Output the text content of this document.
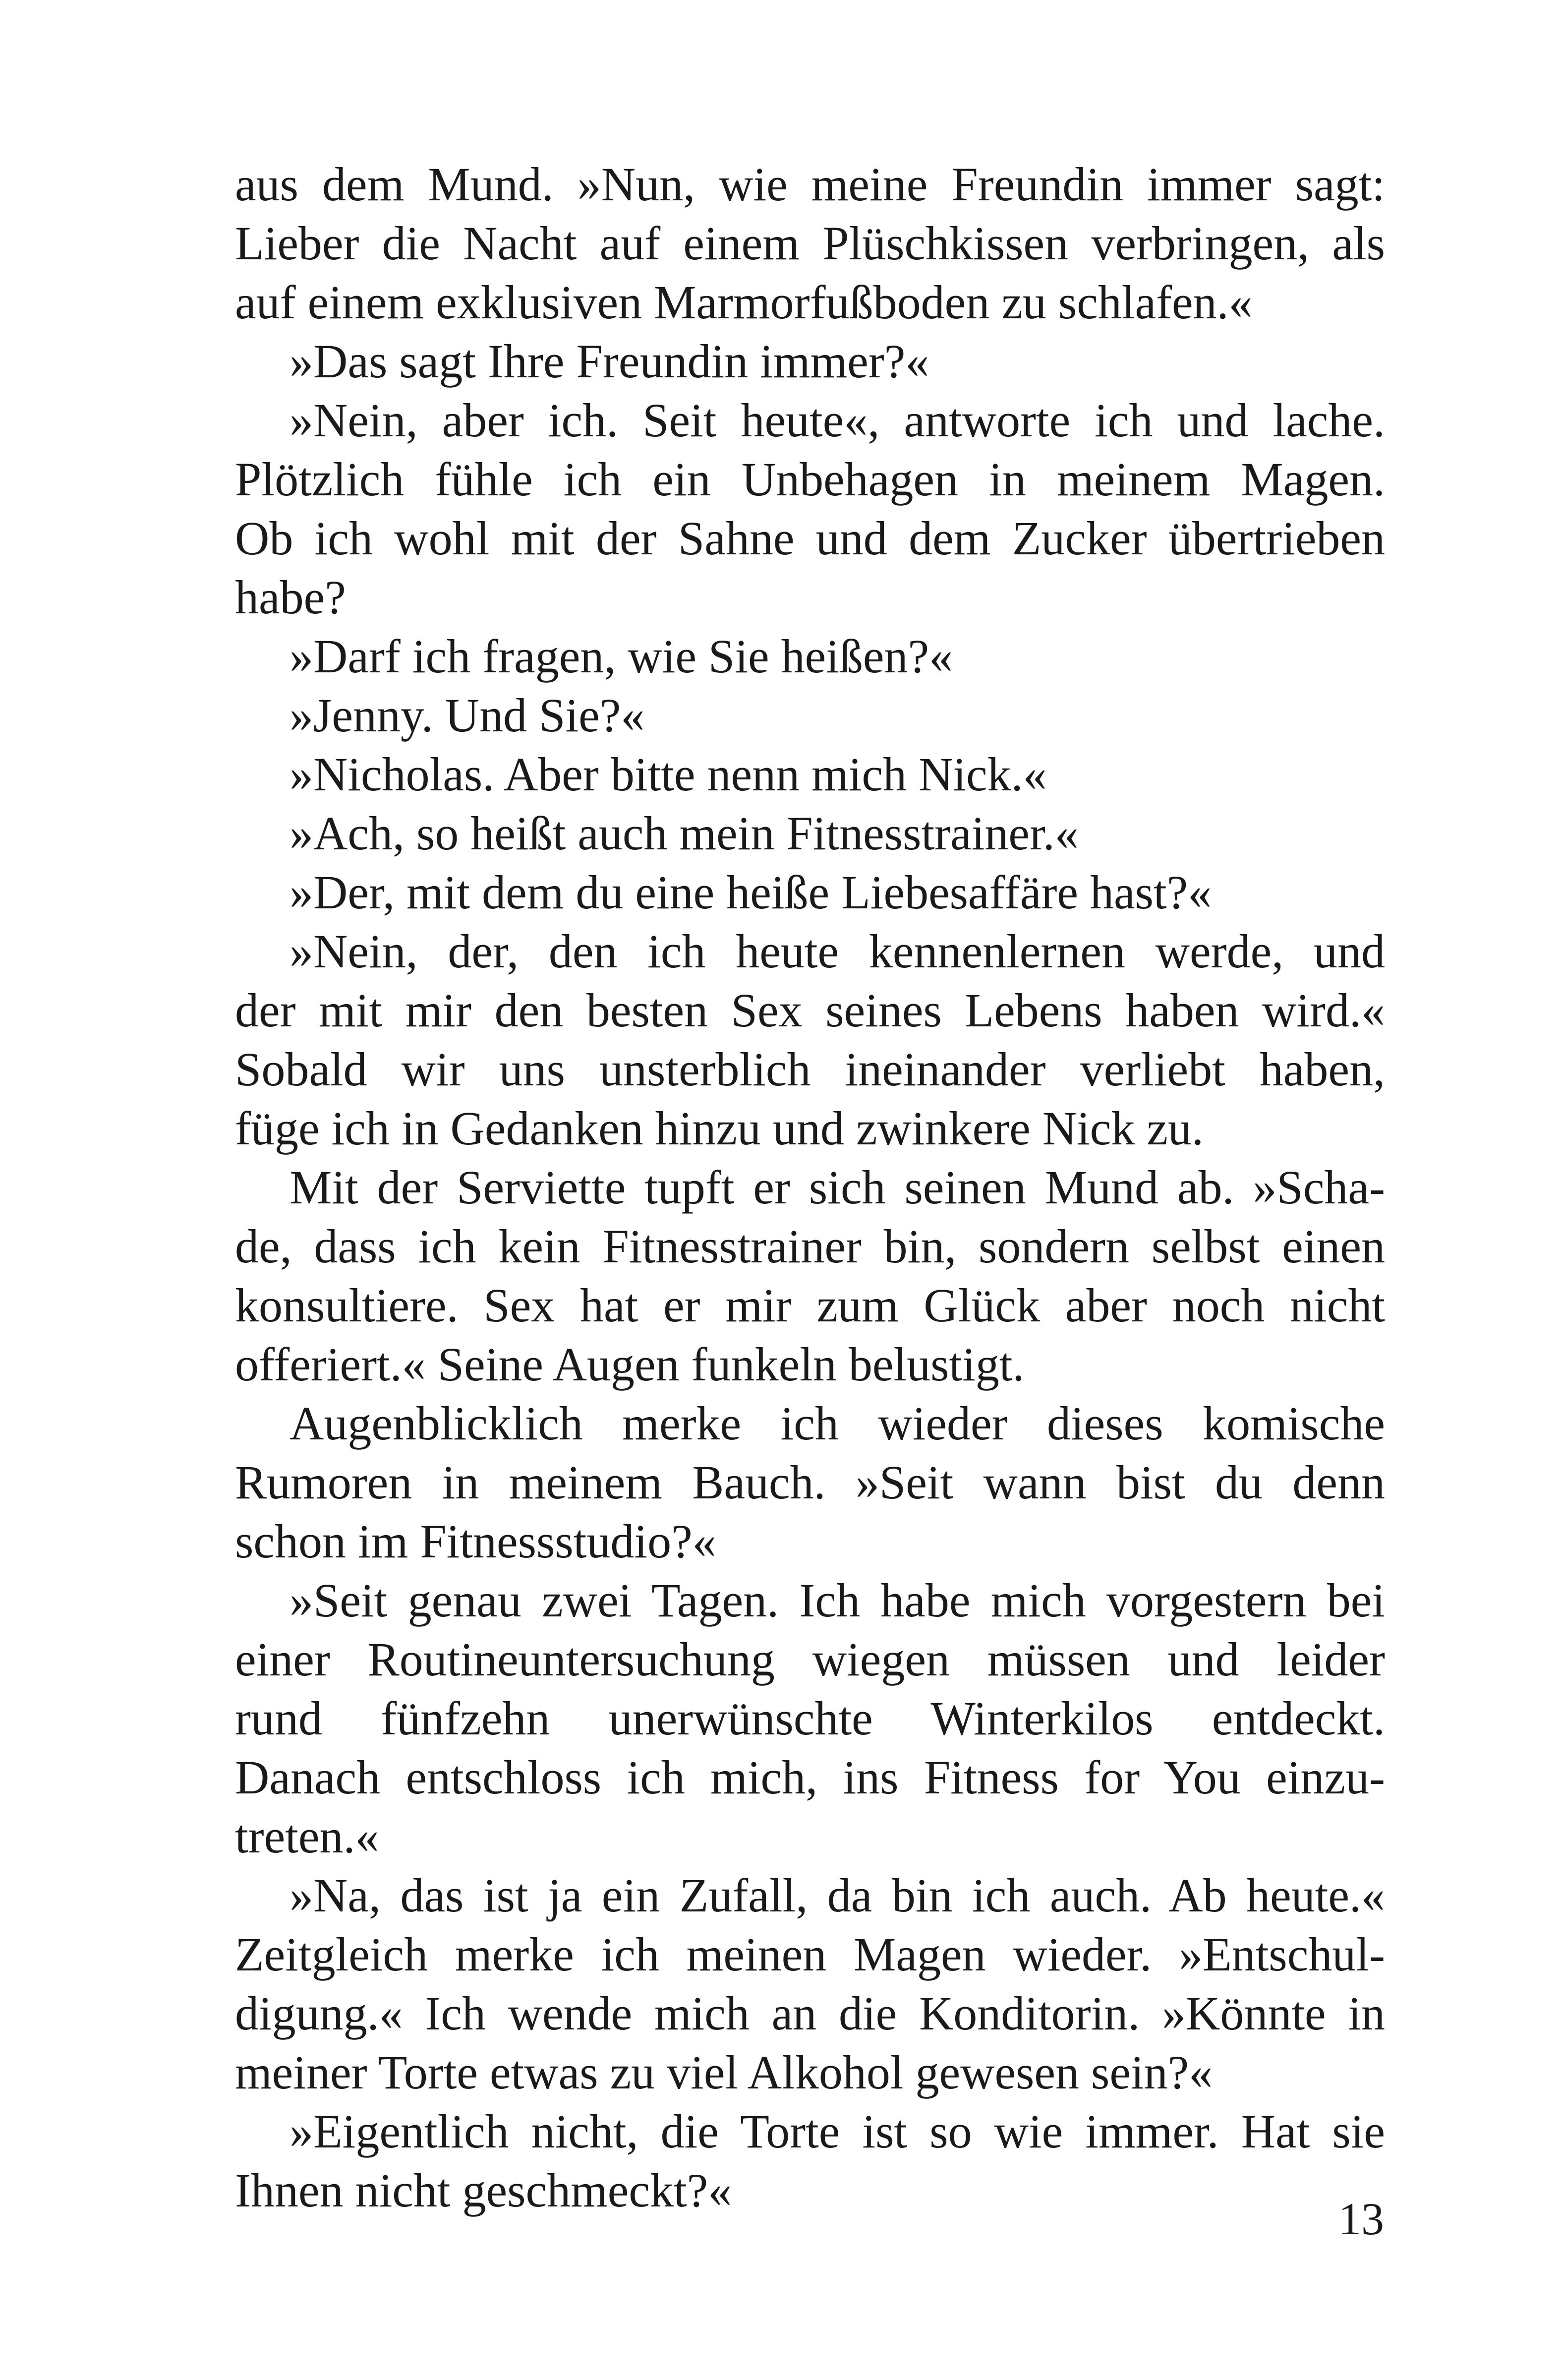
aus dem Mund. »Nun, wie meine Freundin immer sagt:
Lieber die Nacht auf einem Plüschkissen verbringen, als
auf einem exklusiven Marmorfußboden zu schlafen.«
»Das sagt Ihre Freundin immer?«
»Nein, aber ich. Seit heute«, antworte ich und lache.
Plötzlich fühle ich ein Unbehagen in meinem Magen.
Ob ich wohl mit der Sahne und dem Zucker übertrieben
habe?
»Darf ich fragen, wie Sie heißen?«
»Jenny. Und Sie?«
»Nicholas. Aber bitte nenn mich Nick.«
»Ach, so heißt auch mein Fitnesstrainer.«
»Der, mit dem du eine heiße Liebesaffäre hast?«
»Nein, der, den ich heute kennenlernen werde, und
der mit mir den besten Sex seines Lebens haben wird.«
Sobald wir uns unsterblich ineinander verliebt haben,
füge ich in Gedanken hinzu und zwinkere Nick zu.
Mit der Serviette tupft er sich seinen Mund ab. »Scha-
de, dass ich kein Fitnesstrainer bin, sondern selbst einen
konsultiere. Sex hat er mir zum Glück aber noch nicht
offeriert.« Seine Augen funkeln belustigt.
Augenblicklich merke ich wieder dieses komische
Rumoren in meinem Bauch. »Seit wann bist du denn
schon im Fitnessstudio?«
»Seit genau zwei Tagen. Ich habe mich vorgestern bei
einer Routineuntersuchung wiegen müssen und leider
rund fünfzehn unerwünschte Winterkilos entdeckt.
Danach entschloss ich mich, ins Fitness for You einzu-
treten.«
»Na, das ist ja ein Zufall, da bin ich auch. Ab heute.«
Zeitgleich merke ich meinen Magen wieder. »Entschul-
digung.« Ich wende mich an die Konditorin. »Könnte in
meiner Torte etwas zu viel Alkohol gewesen sein?«
»Eigentlich nicht, die Torte ist so wie immer. Hat sie
Ihnen nicht geschmeckt?«
13
